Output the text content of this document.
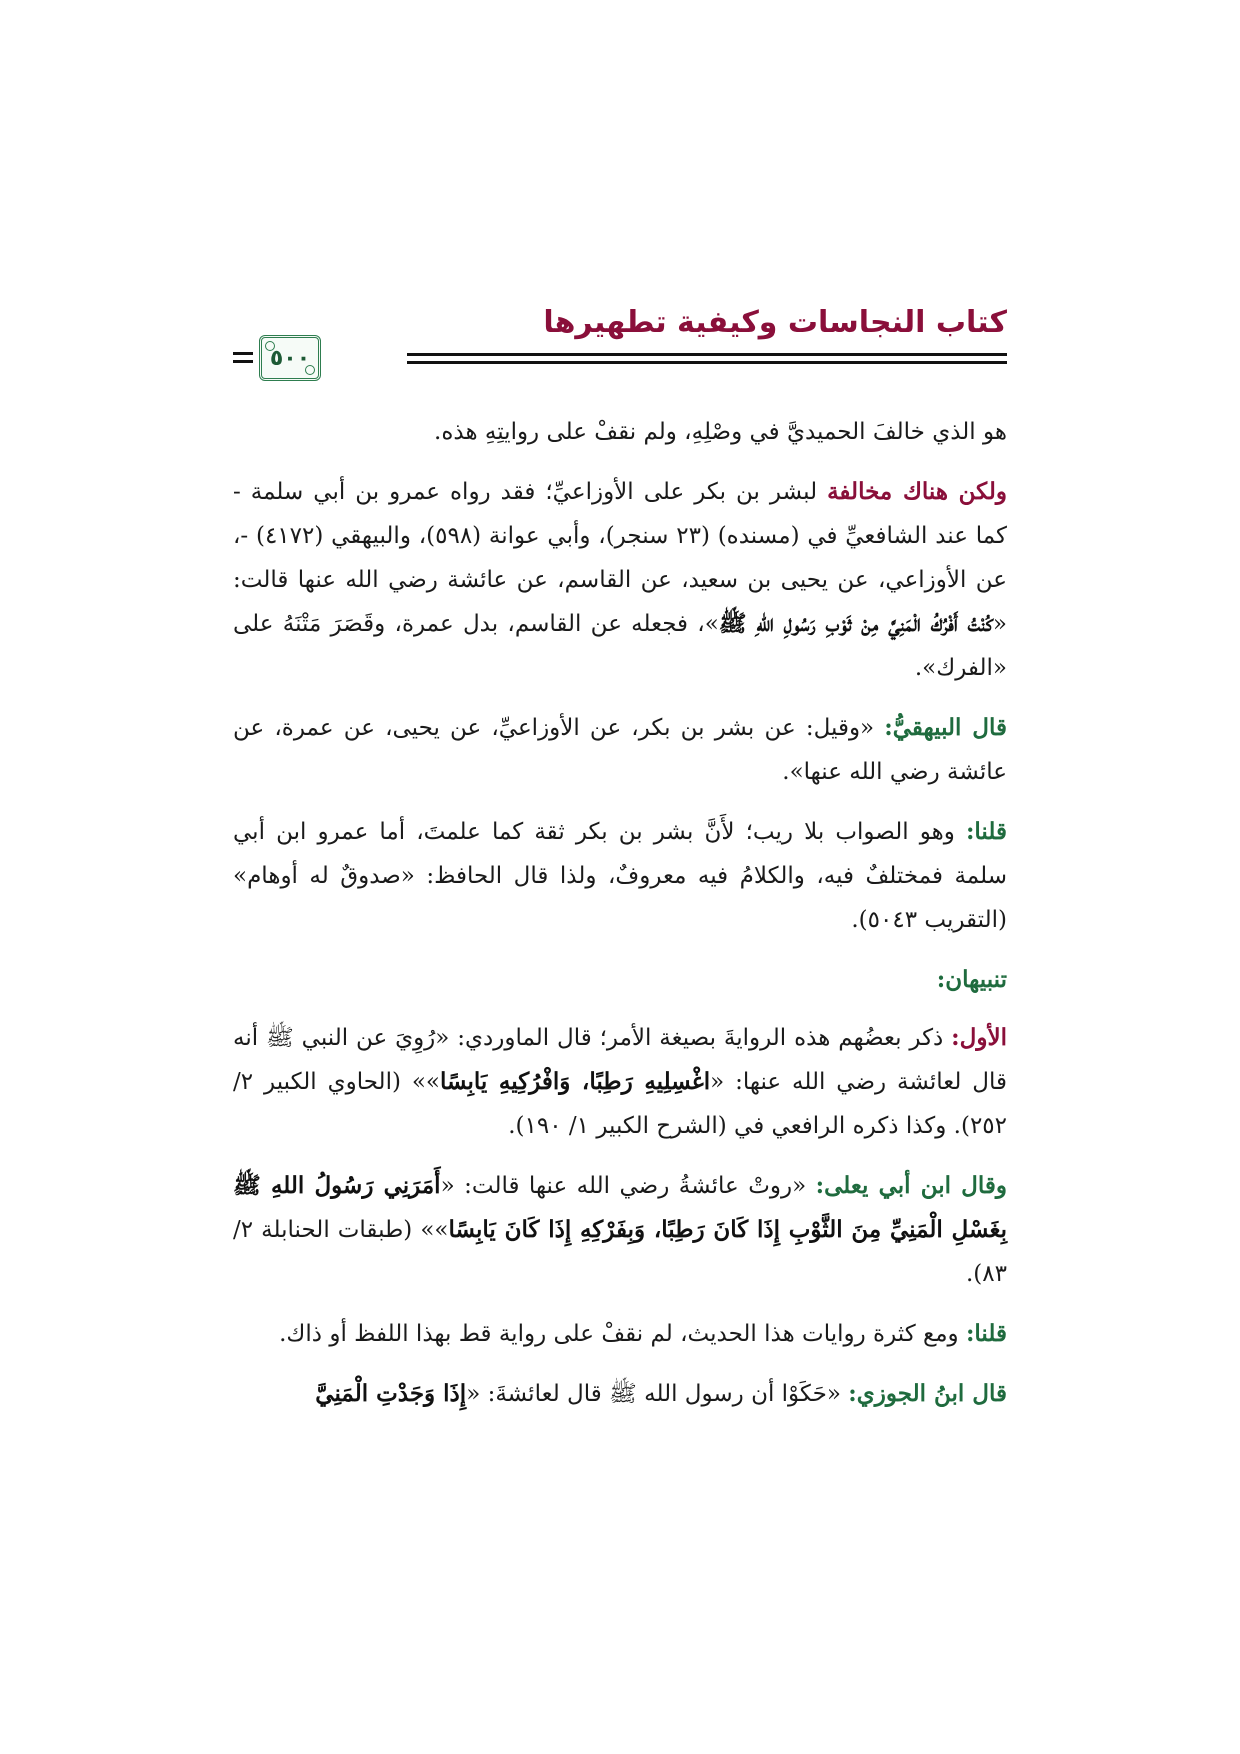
كتاب النجاسات وكيفية تطهيرها
٥٠٠

هو الذي خالفَ الحميديَّ في وصْلِهِ، ولم نقفْ على روايتِهِ هذه.

ولكن هناك مخالفة لبشر بن بكر على الأوزاعيِّ؛ فقد رواه عمرو بن أبي سلمة - كما عند الشافعيِّ في (مسنده) (٢٣ سنجر)، وأبي عوانة (٥٩٨)، والبيهقي (٤١٧٢) -، عن الأوزاعي، عن يحيى بن سعيد، عن القاسم، عن عائشة رضي الله عنها قالت: «كُنْتُ أَفْرُكُ الْمَنِيَّ مِنْ ثَوْبِ رَسُولِ اللهِ ﷺ»، فجعله عن القاسم، بدل عمرة، وقَصَرَ مَتْنَهُ على «الفرك».

قال البيهقيُّ: «وقيل: عن بشر بن بكر، عن الأوزاعيِّ، عن يحيى، عن عمرة، عن عائشة رضي الله عنها».

قلنا: وهو الصواب بلا ريب؛ لأَنَّ بشر بن بكر ثقة كما علمتَ، أما عمرو ابن أبي سلمة فمختلفٌ فيه، والكلامُ فيه معروفٌ، ولذا قال الحافظ: «صدوقٌ له أوهام» (التقريب ٥٠٤٣).

تنبيهان:

الأول: ذكر بعضُهم هذه الروايةَ بصيغة الأمر؛ قال الماوردي: «رُوِيَ عن النبي ﷺ أنه قال لعائشة رضي الله عنها: «اغْسِلِيهِ رَطِبًا، وَافْرُكِيهِ يَابِسًا»» (الحاوي الكبير ٢/ ٢٥٢). وكذا ذكره الرافعي في (الشرح الكبير ١/ ١٩٠).

وقال ابن أبي يعلى: «روتْ عائشةُ رضي الله عنها قالت: «أَمَرَنِي رَسُولُ اللهِ ﷺ بِغَسْلِ الْمَنِيِّ مِنَ الثَّوْبِ إِذَا كَانَ رَطِبًا، وَبِفَرْكِهِ إِذَا كَانَ يَابِسًا»» (طبقات الحنابلة ٢/ ٨٣).

قلنا: ومع كثرة روايات هذا الحديث، لم نقفْ على رواية قط بهذا اللفظ أو ذاك.

قال ابنُ الجوزي: «حَكَوْا أن رسول الله ﷺ قال لعائشةَ: «إِذَا وَجَدْتِ الْمَنِيَّ
